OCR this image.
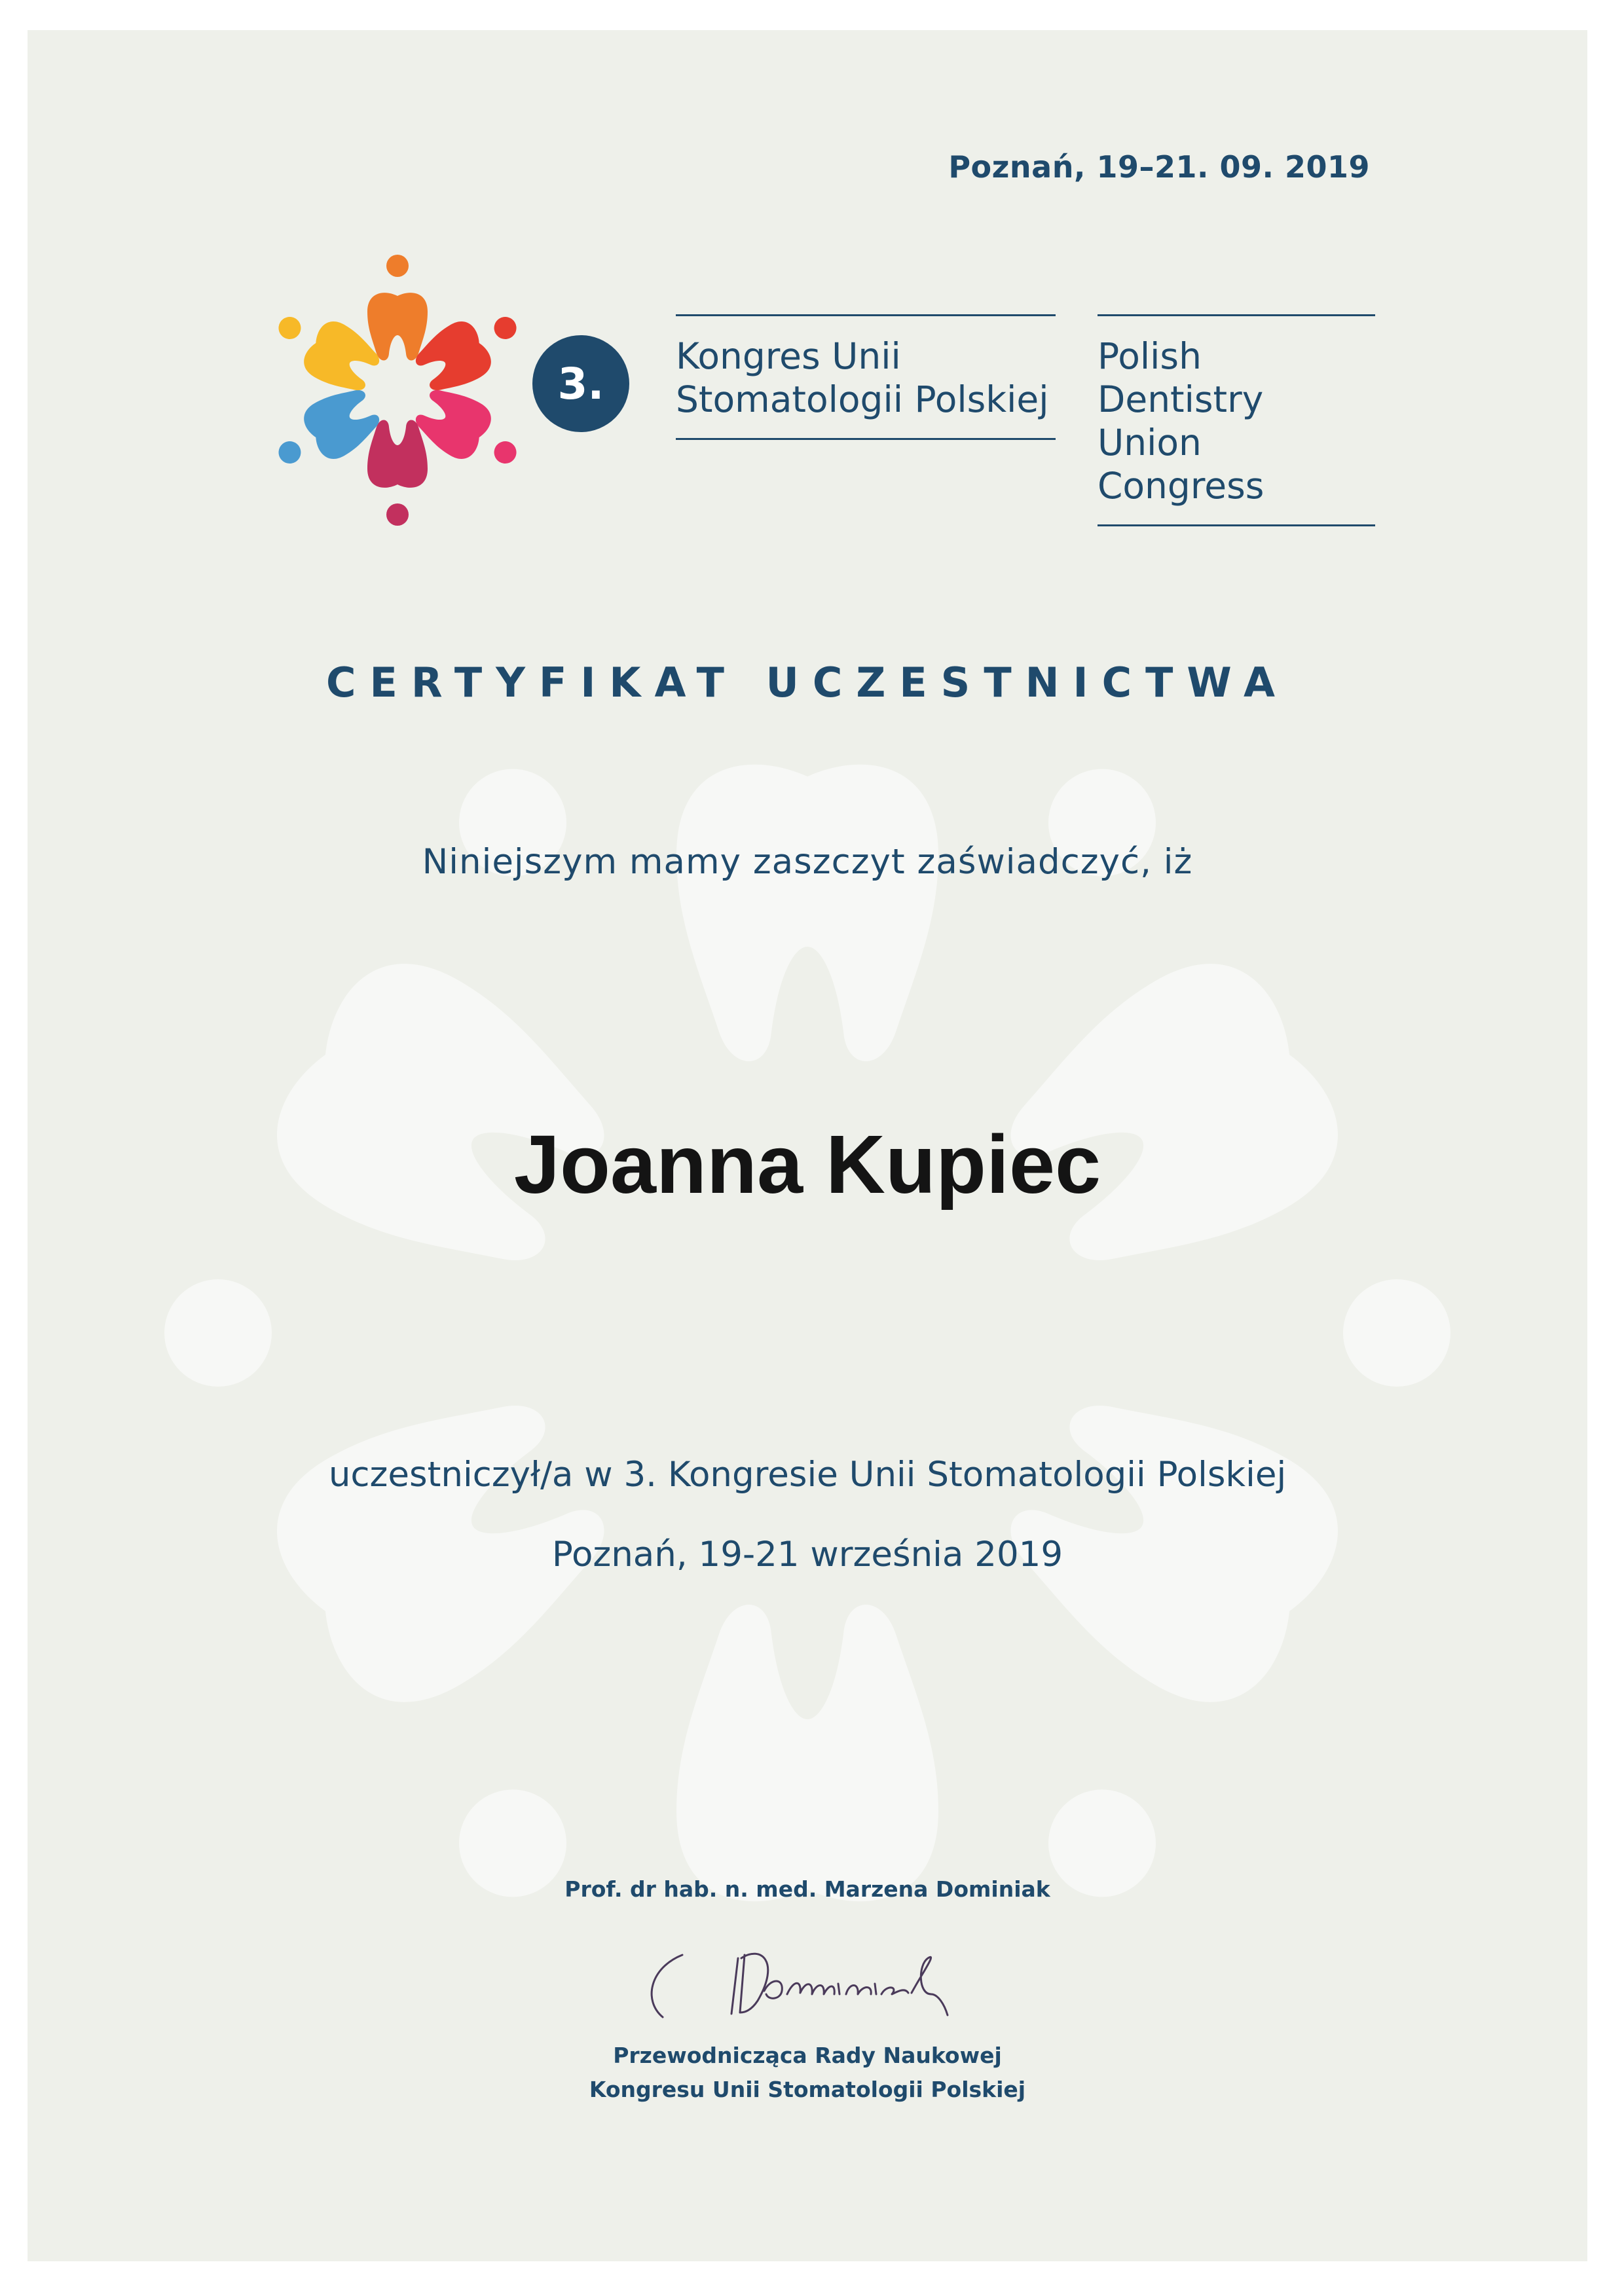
Poznań, 19–21. 09. 2019
3.
Kongres Unii
Stomatologii Polskiej
Polish Dentistry
Union Congress
CERTYFIKAT UCZESTNICTWA
Niniejszym mamy zaszczyt zaświadczyć, iż
Joanna Kupiec
uczestniczył/a w 3. Kongresie Unii Stomatologii Polskiej
Poznań, 19-21 września 2019
Prof. dr hab. n. med. Marzena Dominiak
Przewodnicząca Rady Naukowej
Kongresu Unii Stomatologii Polskiej
